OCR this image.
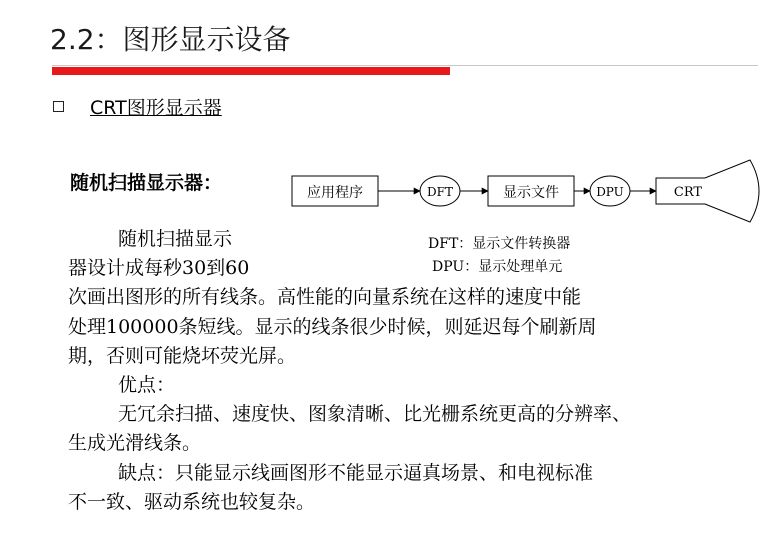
2.2：图形显示设备
CRT图形显示器
随机扫描显示器：	应用程序	DFT	显示文件	DPU	CRT
DFT：显示文件转换器
DPU：显示处理单元
随机扫描显示
器设计成每秒30到60
次画出图形的所有线条。高性能的向量系统在这样的速度中能
处理100000条短线。显示的线条很少时候，则延迟每个刷新周
期，否则可能烧坏荧光屏。
优点：
无冗余扫描、速度快、图象清晰、比光栅系统更高的分辨率、
生成光滑线条。
缺点：只能显示线画图形不能显示逼真场景、和电视标准
不一致、驱动系统也较复杂。
